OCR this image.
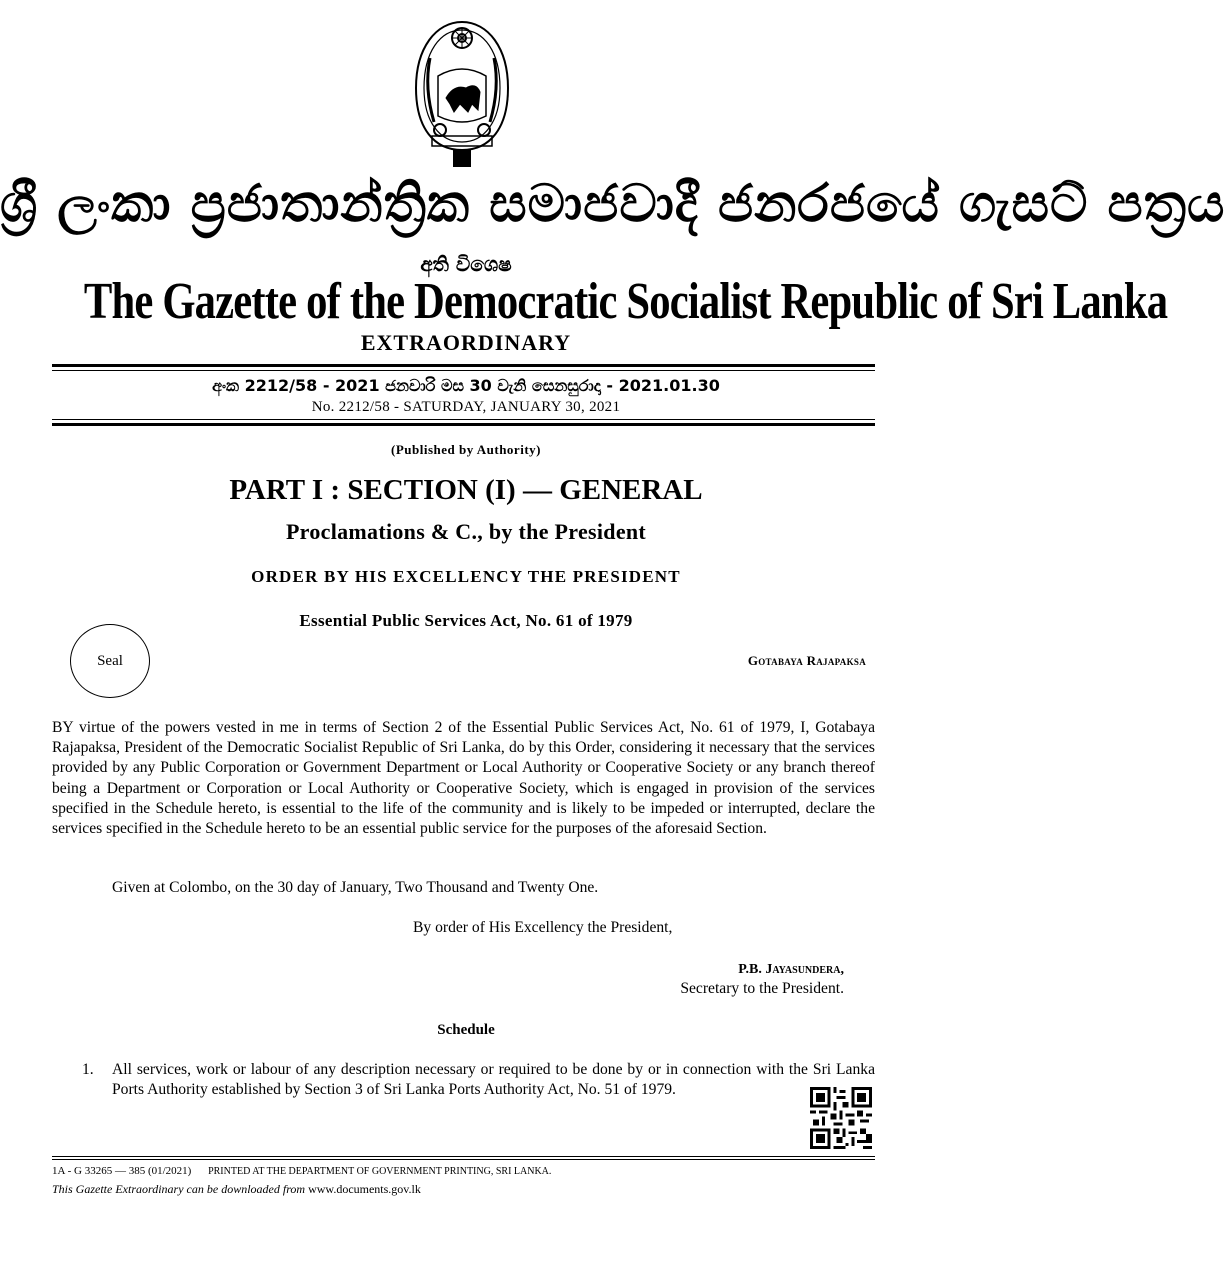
ශ්‍රී ලංකා ප්‍රජාතාන්ත්‍රික සමාජවාදී ජනරජයේ ගැසට් පත්‍රය
අති විශෙෂ
The Gazette of the Democratic Socialist Republic of Sri Lanka
EXTRAORDINARY
අංක 2212/58 - 2021 ජනවාරි මස 30 වැනි සෙනසුරාදා - 2021.01.30
No. 2212/58 - SATURDAY, JANUARY 30, 2021
(Published by Authority)
PART I : SECTION (I) — GENERAL
Proclamations & C., by the President
ORDER BY HIS EXCELLENCY THE PRESIDENT
Essential Public Services Act, No. 61 of 1979
Seal	Gotabaya Rajapaksa
BY virtue of the powers vested in me in terms of Section 2 of the Essential Public Services Act, No. 61 of 1979, I, Gotabaya Rajapaksa, President of the Democratic Socialist Republic of Sri Lanka, do by this Order, considering it necessary that the services provided by any Public Corporation or Government Department or Local Authority or Cooperative Society or any branch thereof being a Department or Corporation or Local Authority or Cooperative Society, which is engaged in provision of the services specified in the Schedule hereto, is essential to the life of the community and is likely to be impeded or interrupted, declare the services specified in the Schedule hereto to be an essential public service for the purposes of the aforesaid Section.
Given at Colombo, on the 30 day of January, Two Thousand and Twenty One.
By order of His Excellency the President,
P.B. Jayasundera,
Secretary to the President.
Schedule
1. All services, work or labour of any description necessary or required to be done by or in connection with the Sri Lanka Ports Authority established by Section 3 of Sri Lanka Ports Authority Act, No. 51 of 1979.
1A - G 33265 — 385 (01/2021) PRINTED AT THE DEPARTMENT OF GOVERNMENT PRINTING, SRI LANKA.
This Gazette Extraordinary can be downloaded from www.documents.gov.lk
